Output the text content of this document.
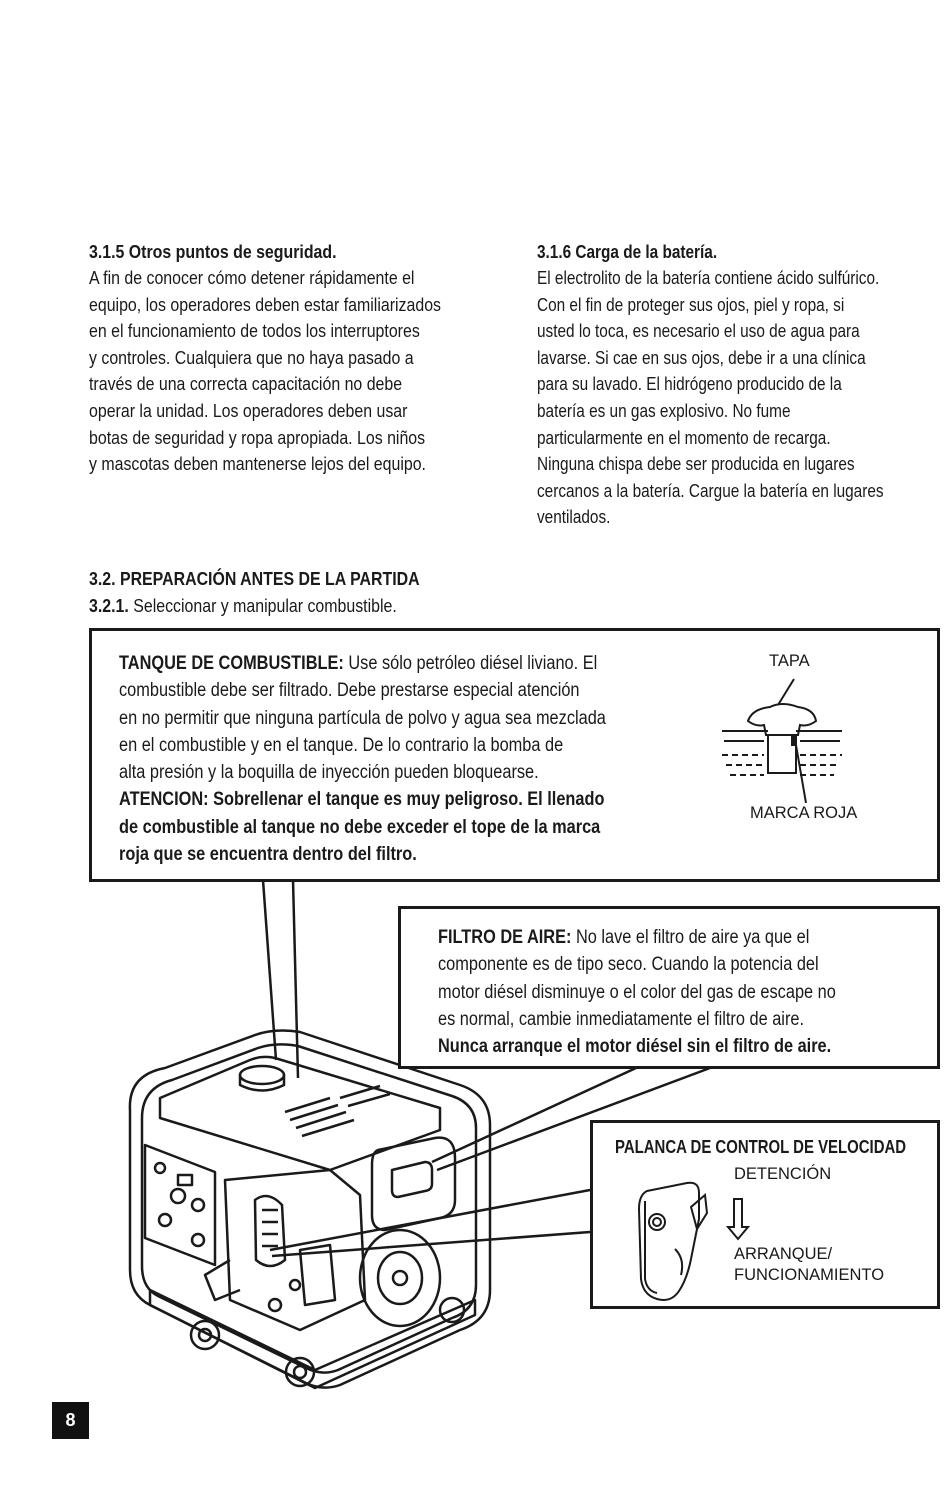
3.1.5 Otros puntos de seguridad.
A fin de conocer cómo detener rápidamente el
equipo, los operadores deben estar familiarizados
en el funcionamiento de todos los interruptores
y controles. Cualquiera que no haya pasado a
través de una correcta capacitación no debe
operar la unidad. Los operadores deben usar
botas de seguridad y ropa apropiada. Los niños
y mascotas deben mantenerse lejos del equipo.
3.1.6 Carga de la batería.
El electrolito de la batería contiene ácido sulfúrico.
Con el fin de proteger sus ojos, piel y ropa, si
usted lo toca, es necesario el uso de agua para
lavarse. Si cae en sus ojos, debe ir a una clínica
para su lavado. El hidrógeno producido de la
batería es un gas explosivo. No fume
particularmente en el momento de recarga.
Ninguna chispa debe ser producida en lugares
cercanos a la batería. Cargue la batería en lugares
ventilados.
3.2. PREPARACIÓN ANTES DE LA PARTIDA
3.2.1. Seleccionar y manipular combustible.
TANQUE DE COMBUSTIBLE: Use sólo petróleo diésel liviano. El
combustible debe ser filtrado. Debe prestarse especial atención
en no permitir que ninguna partícula de polvo y agua sea mezclada
en el combustible y en el tanque. De lo contrario la bomba de
alta presión y la boquilla de inyección pueden bloquearse.
ATENCION: Sobrellenar el tanque es muy peligroso. El llenado
de combustible al tanque no debe exceder el tope de la marca
roja que se encuentra dentro del filtro.
TAPA
MARCA ROJA
FILTRO DE AIRE: No lave el filtro de aire ya que el
componente es de tipo seco. Cuando la potencia del
motor diésel disminuye o el color del gas de escape no
es normal, cambie inmediatamente el filtro de aire.
Nunca arranque el motor diésel sin el filtro de aire.
PALANCA DE CONTROL DE VELOCIDAD
DETENCIÓN
ARRANQUE/
FUNCIONAMIENTO
8
